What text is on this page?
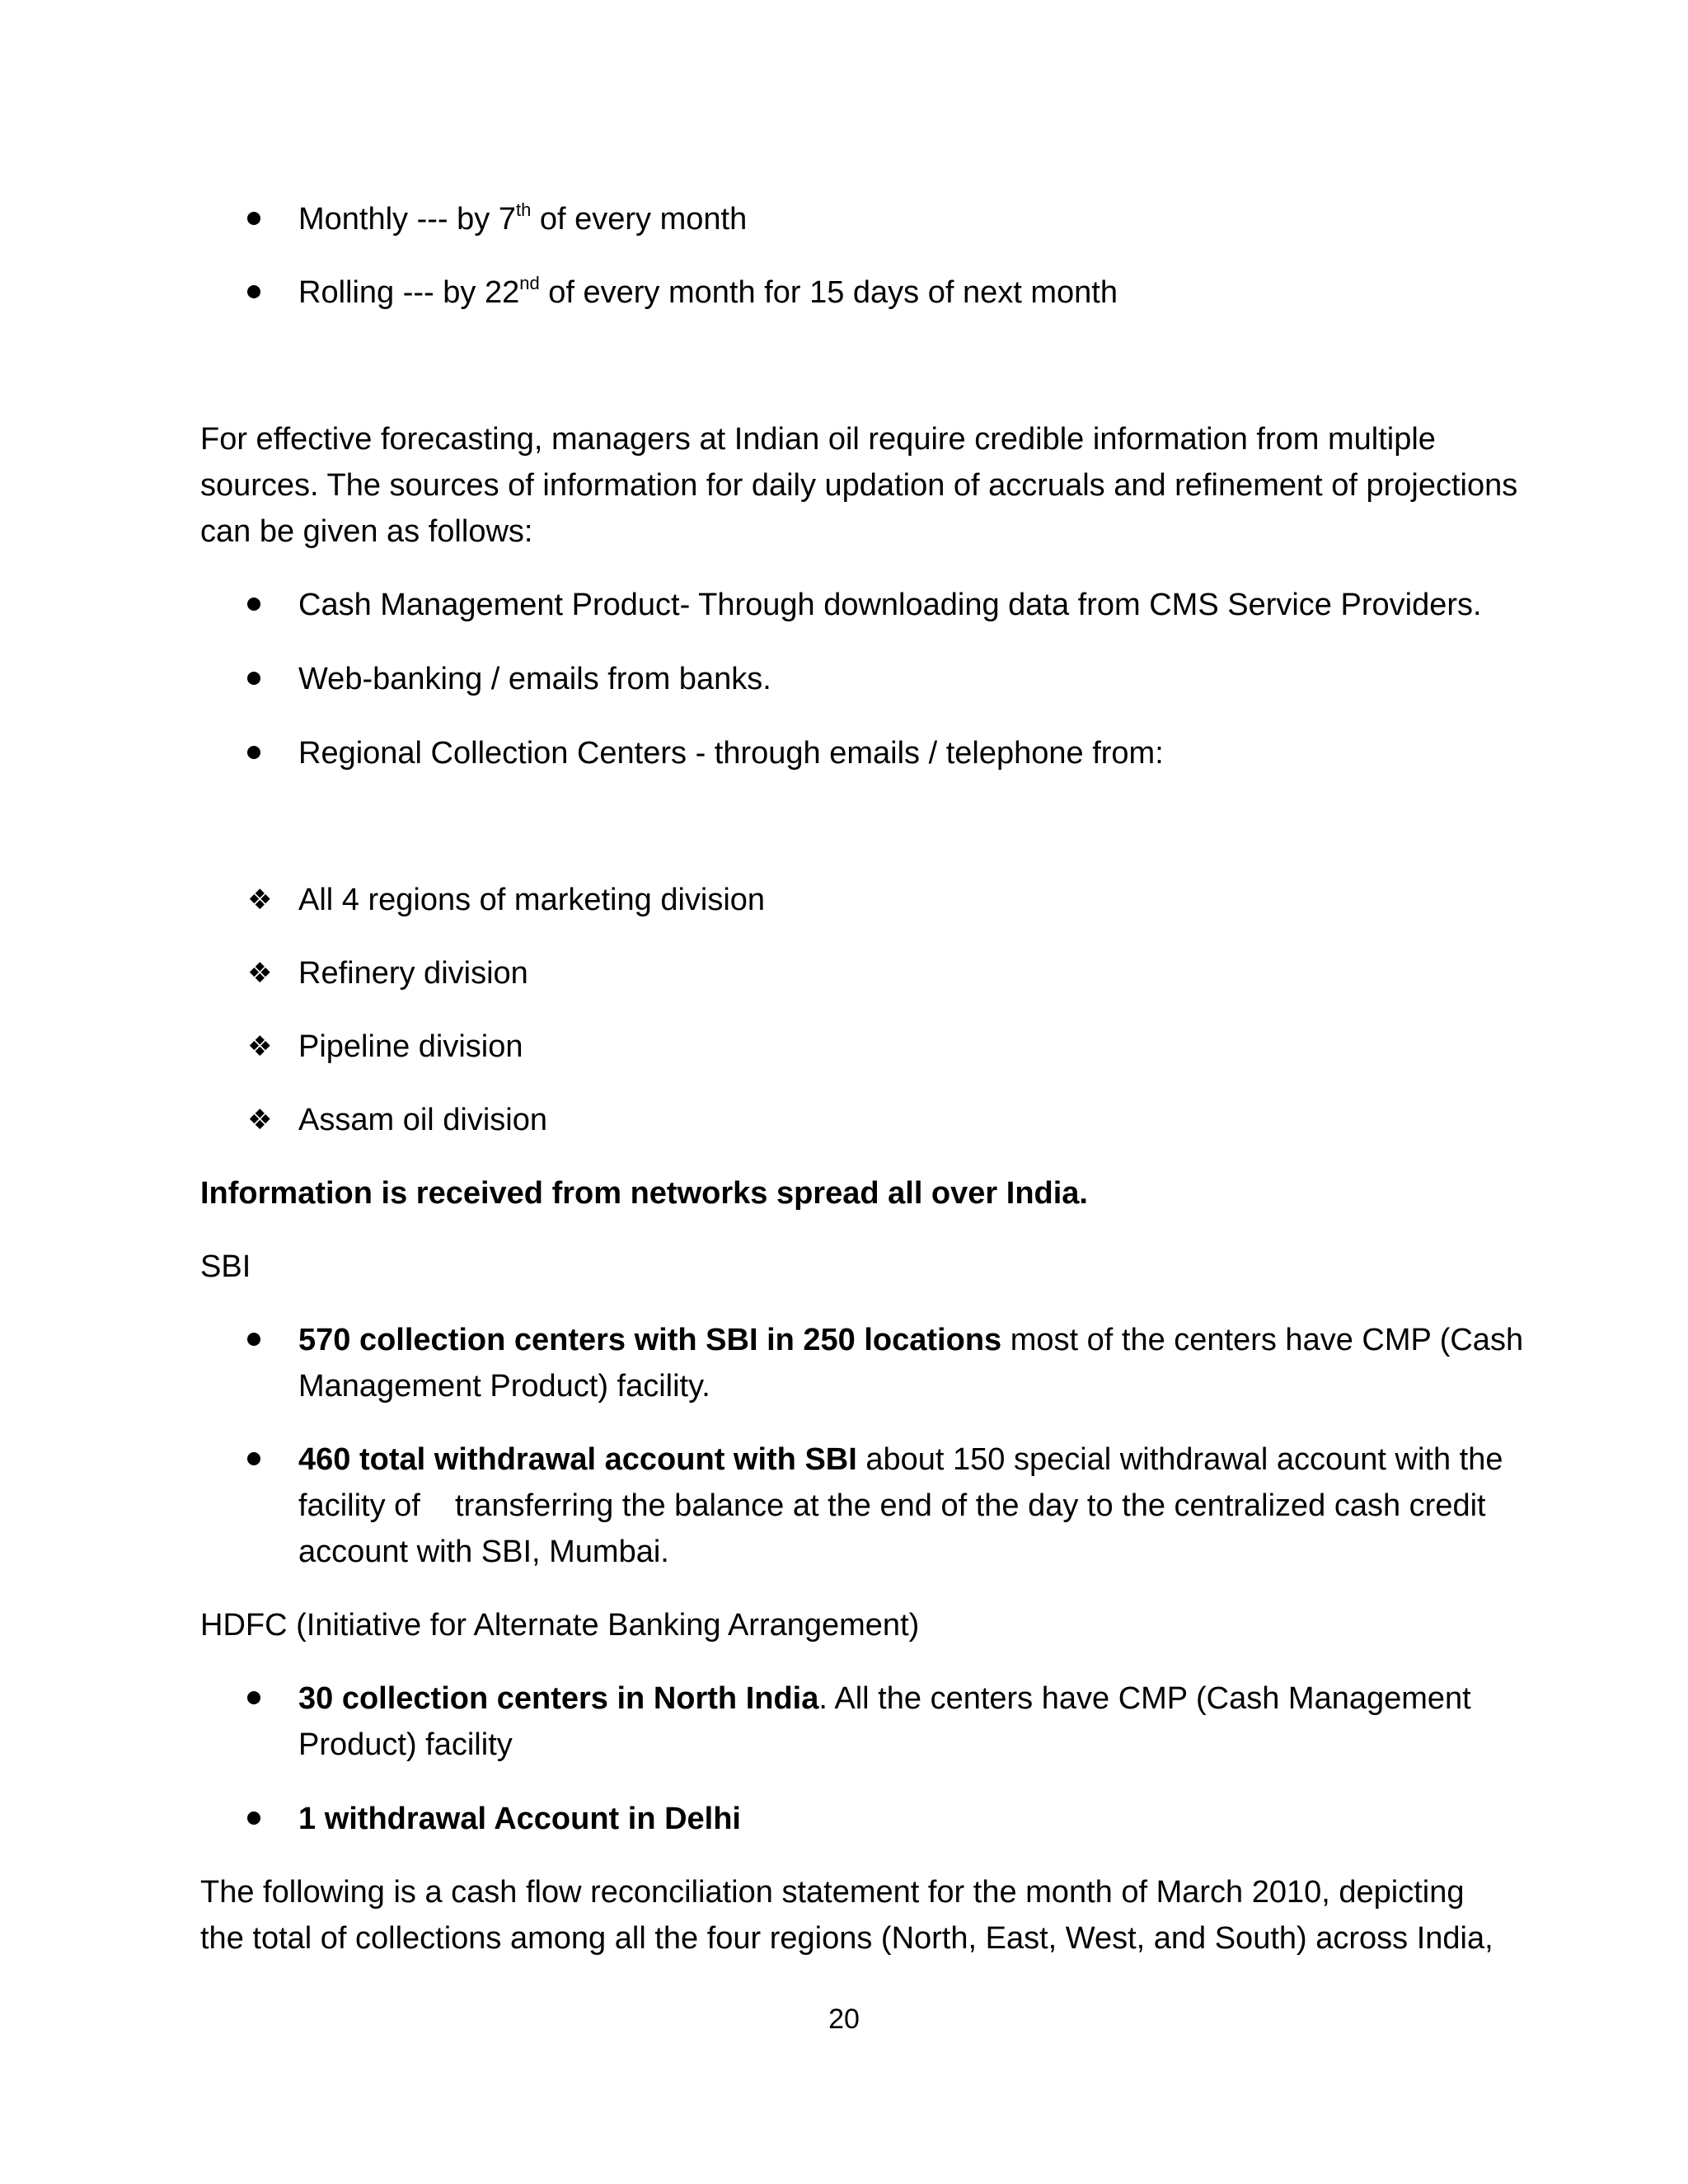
Monthly --- by 7th of every month
Rolling --- by 22nd of every month for 15 days of next month
For effective forecasting, managers at Indian oil require credible information from multiple
sources. The sources of information for daily updation of accruals and refinement of projections
can be given as follows:
Cash Management Product- Through downloading data from CMS Service Providers.
Web-banking / emails from banks.
Regional Collection Centers - through emails / telephone from:
❖ All 4 regions of marketing division
❖ Refinery division
❖ Pipeline division
❖ Assam oil division
Information is received from networks spread all over India.
SBI
570 collection centers with SBI in 250 locations most of the centers have CMP (Cash
Management Product) facility.
460 total withdrawal account with SBI about 150 special withdrawal account with the
facility of    transferring the balance at the end of the day to the centralized cash credit
account with SBI, Mumbai.
HDFC (Initiative for Alternate Banking Arrangement)
30 collection centers in North India. All the centers have CMP (Cash Management
Product) facility
1 withdrawal Account in Delhi
The following is a cash flow reconciliation statement for the month of March 2010, depicting
the total of collections among all the four regions (North, East, West, and South) across India,
20
